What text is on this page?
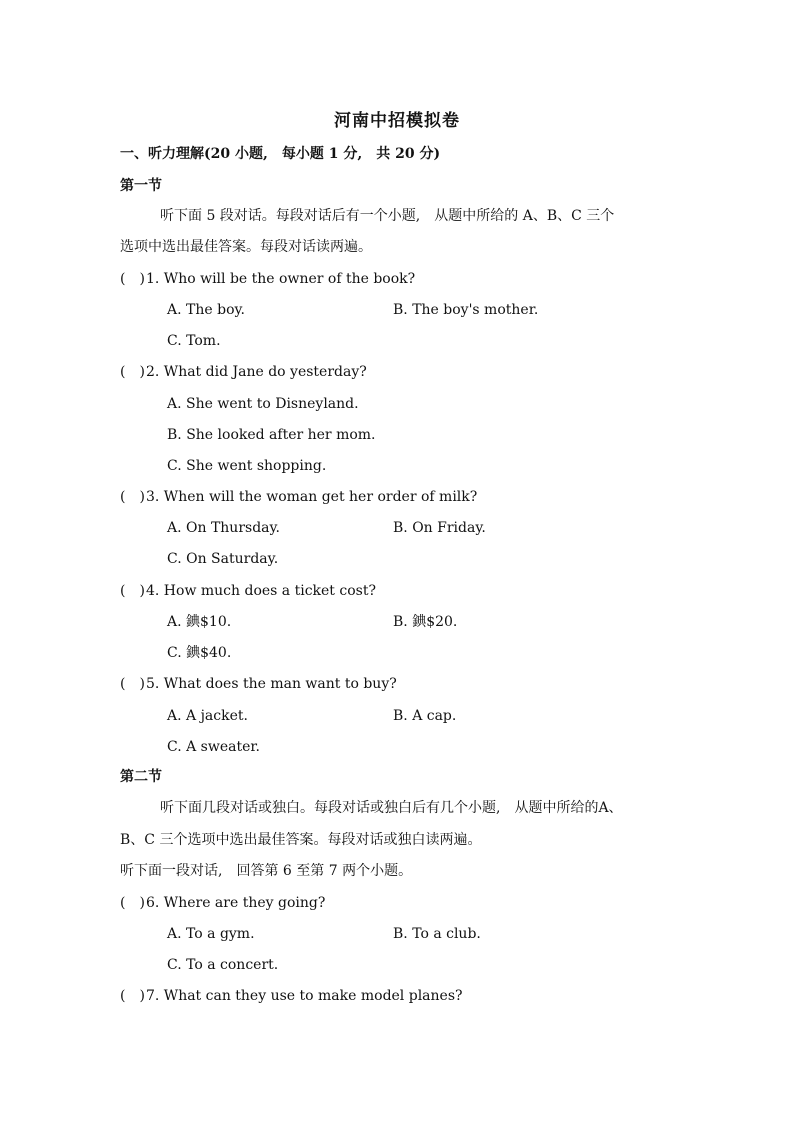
河南中招模拟卷
一、听力理解(20 小题,　每小题 1 分,　共 20 分)
第一节
听下面 5 段对话。每段对话后有一个小题,　从题中所给的 A、B、C 三个
选项中选出最佳答案。每段对话读两遍。
(　)1. Who will be the owner of the book?
A. The boy.	B. The boy's mother.
C. Tom.
(　)2. What did Jane do yesterday?
A. She went to Disneyland.
B. She looked after her mom.
C. She went shopping.
(　)3. When will the woman get her order of milk?
A. On Thursday.	B. On Friday.
C. On Saturday.
(　)4. How much does a ticket cost?
A. 錪$10.	B. 錪$20.
C. 錪$40.
(　)5. What does the man want to buy?
A. A jacket.	B. A cap.
C. A sweater.
第二节
听下面几段对话或独白。每段对话或独白后有几个小题,　从题中所给的A、
B、C 三个选项中选出最佳答案。每段对话或独白读两遍。
听下面一段对话,　回答第 6 至第 7 两个小题。
(　)6. Where are they going?
A. To a gym.	B. To a club.
C. To a concert.
(　)7. What can they use to make model planes?
